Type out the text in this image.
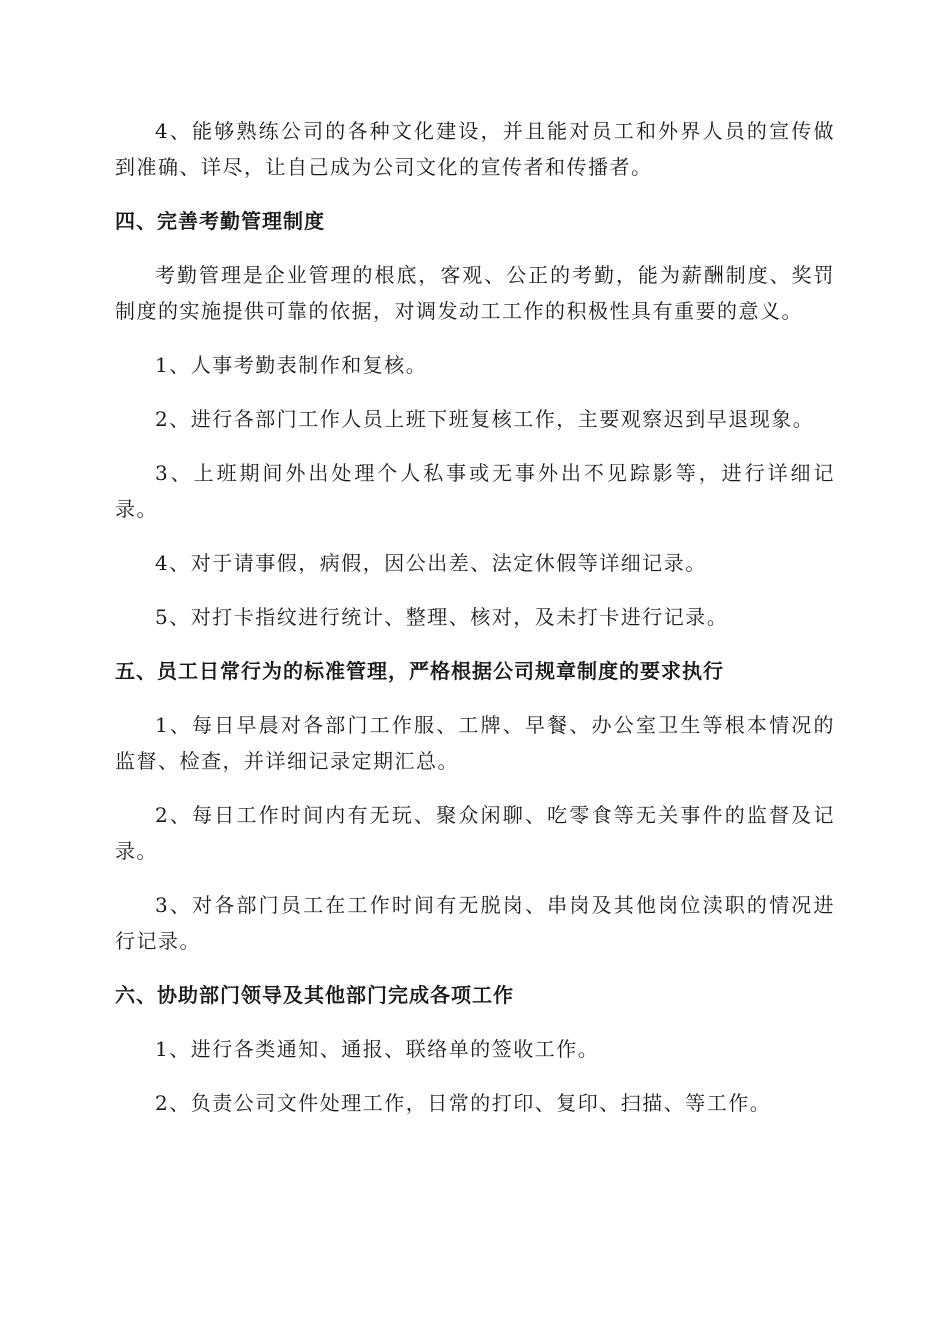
4、能够熟练公司的各种文化建设，并且能对员工和外界人员的宣传做到准确、详尽，让自己成为公司文化的宣传者和传播者。

四、完善考勤管理制度

考勤管理是企业管理的根底，客观、公正的考勤，能为薪酬制度、奖罚制度的实施提供可靠的依据，对调发动工工作的积极性具有重要的意义。

1、人事考勤表制作和复核。

2、进行各部门工作人员上班下班复核工作，主要观察迟到早退现象。

3、上班期间外出处理个人私事或无事外出不见踪影等，进行详细记录。

4、对于请事假，病假，因公出差、法定休假等详细记录。

5、对打卡指纹进行统计、整理、核对，及未打卡进行记录。

五、员工日常行为的标准管理，严格根据公司规章制度的要求执行

1、每日早晨对各部门工作服、工牌、早餐、办公室卫生等根本情况的监督、检查，并详细记录定期汇总。

2、每日工作时间内有无玩、聚众闲聊、吃零食等无关事件的监督及记录。

3、对各部门员工在工作时间有无脱岗、串岗及其他岗位渎职的情况进行记录。

六、协助部门领导及其他部门完成各项工作

1、进行各类通知、通报、联络单的签收工作。

2、负责公司文件处理工作，日常的打印、复印、扫描、等工作。
